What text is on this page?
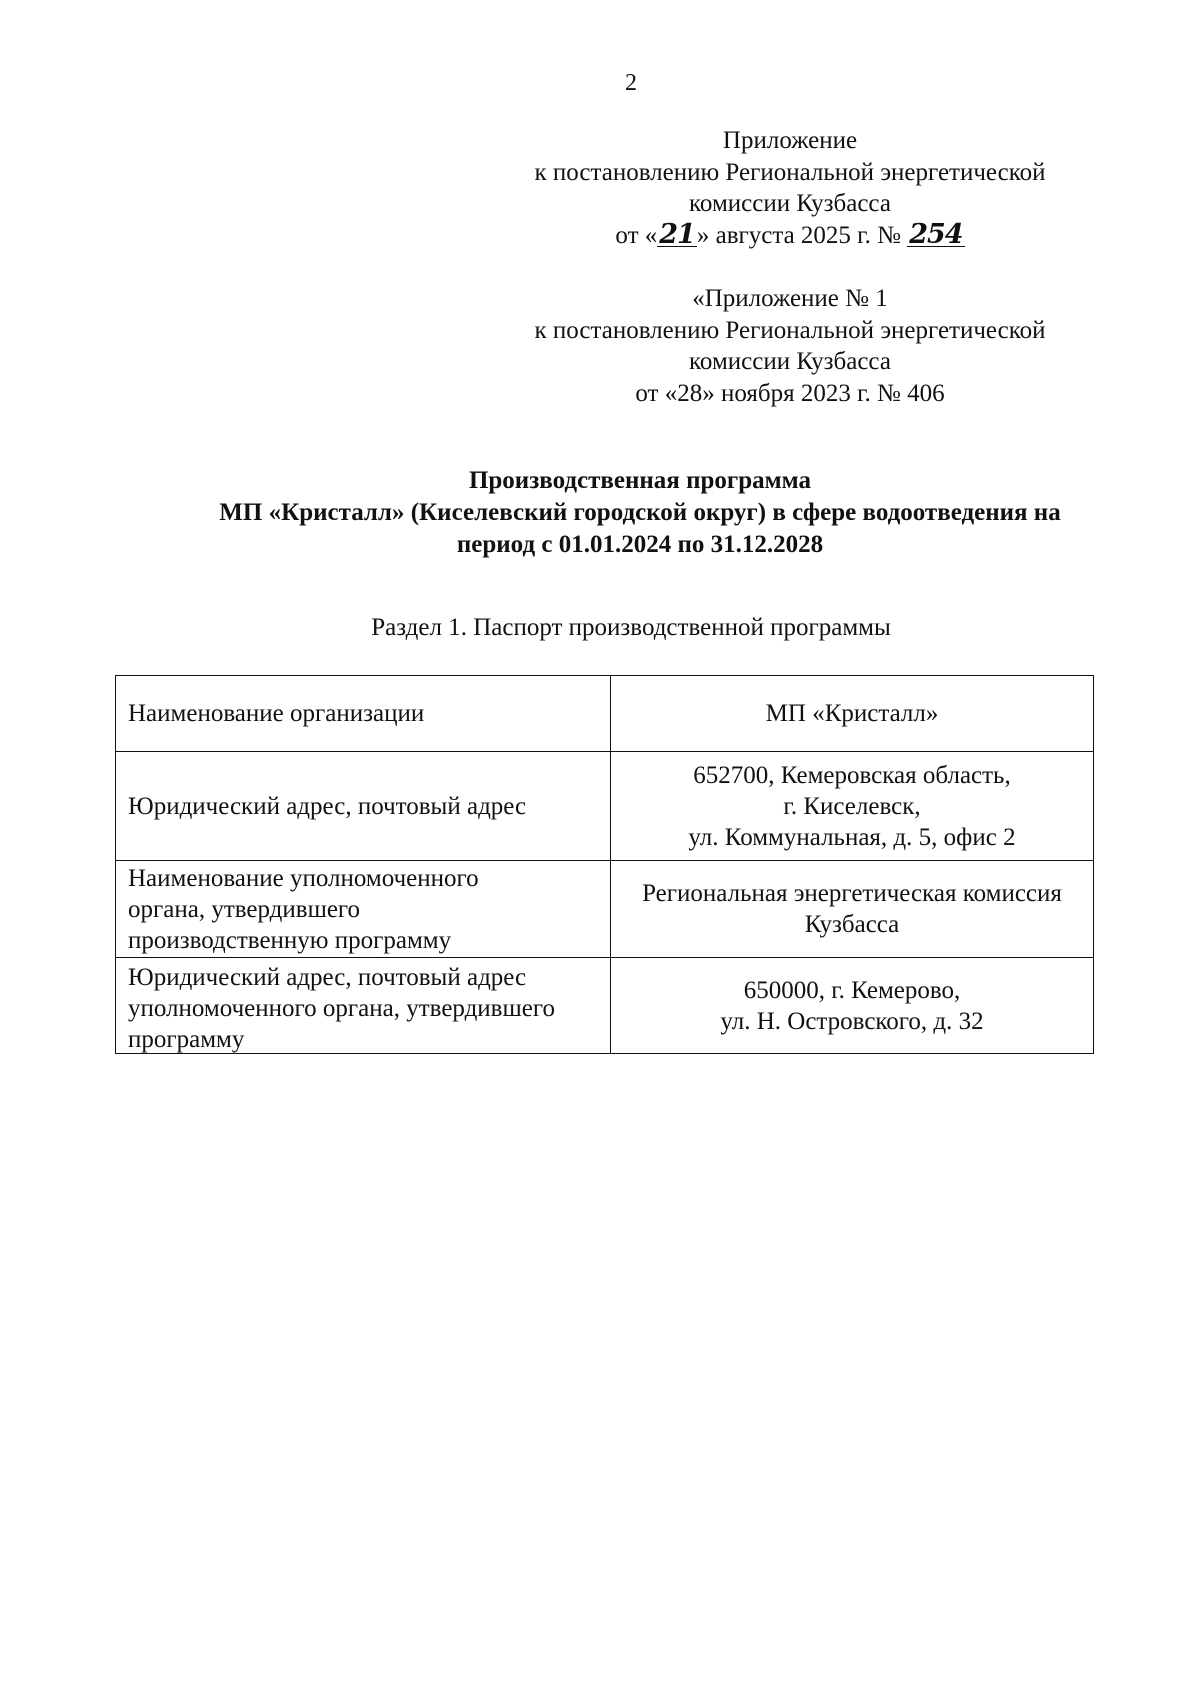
2
Приложение
к постановлению Региональной энергетической
комиссии Кузбасса
от «21» августа 2025 г. № 254
«Приложение № 1
к постановлению Региональной энергетической
комиссии Кузбасса
от «28» ноября 2023 г. № 406
Производственная программа
МП «Кристалл» (Киселевский городской округ) в сфере водоотведения на
период с 01.01.2024 по 31.12.2028
Раздел 1. Паспорт производственной программы
Наименование организации	МП «Кристалл»

Юридический адрес, почтовый адрес	652700, Кемеровская область,
г. Киселевск,
ул. Коммунальная, д. 5, офис 2

Наименование уполномоченного
органа, утвердившего
производственную программу	Региональная энергетическая комиссия
Кузбасса

Юридический адрес, почтовый адрес
уполномоченного органа, утвердившего
программу	650000, г. Кемерово,
ул. Н. Островского, д. 32
